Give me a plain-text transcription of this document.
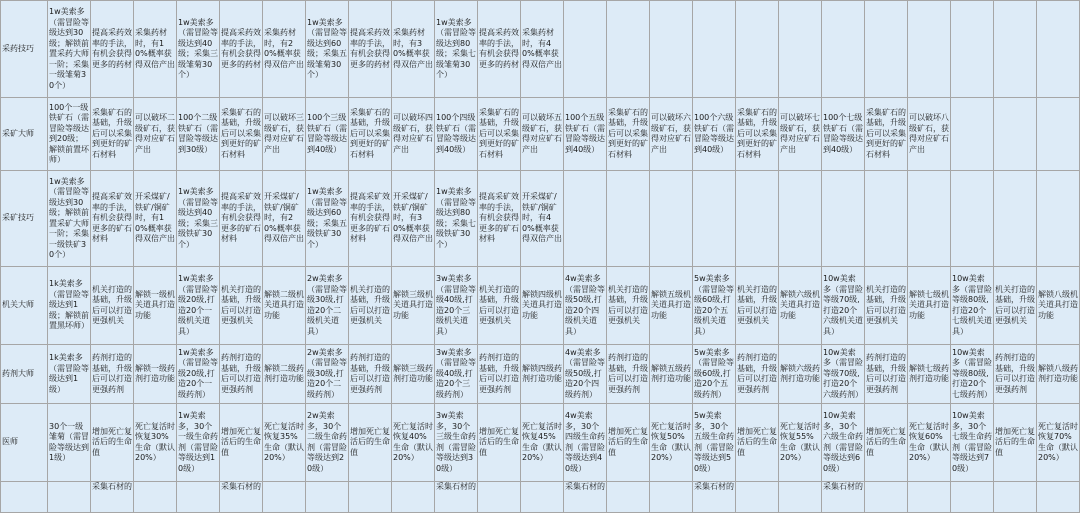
采药技巧	1w美索多（需冒险等级达到30级；解锁前置采药大师一阶；采集一级雏菊30个）	提高采药效率的手法，有机会获得更多的药材	采集药材时，有10%概率获得双倍产出	1w美索多（需冒险等级达到40级；采集三级雏菊30个）	提高采药效率的手法，有机会获得更多的药材	采集药材时，有20%概率获得双倍产出	1w美索多（需冒险等级达到60级；采集五级雏菊30个）	提高采药效率的手法，有机会获得更多的药材	采集药材时，有30%概率获得双倍产出	1w美索多（需冒险等级达到80级；采集七级雏菊30个）	提高采药效率的手法，有机会获得更多的药材	采集药材时，有40%概率获得双倍产出													
采矿大师	100个一级铁矿石（需冒险等级达到20级；解锁前置坏师）	采集矿石的基础，升级后可以采集到更好的矿石材料	可以破坏二级矿石，获得对应矿石产出	100个二级铁矿石（需冒险等级达到30级）	采集矿石的基础，升级后可以采集到更好的矿石材料	可以破坏三级矿石，获得对应矿石产出	100个三级铁矿石（需冒险等级达到40级）	采集矿石的基础，升级后可以采集到更好的矿石材料	可以破坏四级矿石，获得对应矿石产出	100个四级铁矿石（需冒险等级达到40级）	采集矿石的基础，升级后可以采集到更好的矿石材料	可以破坏五级矿石，获得对应矿石产出	100个五级铁矿石（需冒险等级达到40级）	采集矿石的基础，升级后可以采集到更好的矿石材料	可以破坏六级矿石，获得对应矿石产出	100个六级铁矿石（需冒险等级达到40级）	采集矿石的基础，升级后可以采集到更好的矿石材料	可以破坏七级矿石，获得对应矿石产出	100个七级铁矿石（需冒险等级达到40级）	采集矿石的基础，升级后可以采集到更好的矿石材料	可以破坏八级矿石，获得对应矿石产出				
采矿技巧	1w美索多（需冒险等级达到30级；解锁前置采矿大师一阶；采集一级铁矿30个）	提高采矿效率的手法，有机会获得更多的矿石材料	开采煤矿/铁矿/铜矿时，有10%概率获得双倍产出	1w美索多（需冒险等级达到40级；采集三级铁矿30个）	提高采矿效率的手法，有机会获得更多的矿石材料	开采煤矿/铁矿/铜矿时，有20%概率获得双倍产出	1w美索多（需冒险等级达到60级；采集五级铁矿30个）	提高采矿效率的手法，有机会获得更多的矿石材料	开采煤矿/铁矿/铜矿时，有30%概率获得双倍产出	1w美索多（需冒险等级达到80级；采集七级铁矿30个）	提高采矿效率的手法，有机会获得更多的矿石材料	开采煤矿/铁矿/铜矿时，有40%概率获得双倍产出													
机关大师	1k美索多（需冒险等级达到1级；解锁前置黑坏师）	机关打造的基础，升级后可以打造更强机关	解锁一级机关道具打造功能	1w美索多（需冒险等级20级,打造20个一级机关道具）	机关打造的基础，升级后可以打造更强机关	解锁二级机关道具打造功能	2w美索多（需冒险等级30级,打造20个二级机关道具）	机关打造的基础，升级后可以打造更强机关	解锁三级机关道具打造功能	3w美索多（需冒险等级40级,打造20个三级机关道具）	机关打造的基础，升级后可以打造更强机关	解锁四级机关道具打造功能	4w美索多（需冒险等级50级,打造20个四级机关道具）	机关打造的基础，升级后可以打造更强机关	解锁五级机关道具打造功能	5w美索多（需冒险等级60级,打造20个五级机关道具）	机关打造的基础，升级后可以打造更强机关	解锁六级机关道具打造功能	10w美索多（需冒险等级70级,打造20个六级机关道具）	机关打造的基础，升级后可以打造更强机关	解锁七级机关道具打造功能	10w美索多（需冒险等级80级,打造20个七级机关道具）	机关打造的基础，升级后可以打造更强机关	解锁八级机关道具打造功能	
药剂大师	1k美索多（需冒险等级达到1级）	药剂打造的基础，升级后可以打造更强药剂	解锁一级药剂打造功能	1w美索多（需冒险等级20级,打造20个一级药剂）	药剂打造的基础，升级后可以打造更强药剂	解锁二级药剂打造功能	2w美索多（需冒险等级30级,打造20个二级药剂）	药剂打造的基础，升级后可以打造更强药剂	解锁三级药剂打造功能	3w美索多（需冒险等级40级,打造20个三级药剂）	药剂打造的基础，升级后可以打造更强药剂	解锁四级药剂打造功能	4w美索多（需冒险等级50级,打造20个四级药剂）	药剂打造的基础，升级后可以打造更强药剂	解锁五级药剂打造功能	5w美索多（需冒险等级60级,打造20个五级药剂）	药剂打造的基础，升级后可以打造更强药剂	解锁六级药剂打造功能	10w美索多（需冒险等级70级,打造20个六级药剂）	药剂打造的基础，升级后可以打造更强药剂	解锁七级药剂打造功能	10w美索多（需冒险等级80级,打造20个七级药剂）	药剂打造的基础，升级后可以打造更强药剂	解锁八级药剂打造功能	
医师	30个一级雏菊（需冒险等级达到1级）	增加死亡复活后的生命值	死亡复活时恢复30%生命（默认20%）	1w美索多，30个一级生命药剂（需冒险等级达到10级）	增加死亡复活后的生命值	死亡复活时恢复35%生命（默认20%）	2w美索多，30个二级生命药剂（需冒险等级达到20级）	增加死亡复活后的生命值	死亡复活时恢复40%生命（默认20%）	3w美索多，30个三级生命药剂（需冒险等级达到30级）	增加死亡复活后的生命值	死亡复活时恢复45%生命（默认20%）	4w美索多，30个四级生命药剂（需冒险等级达到40级）	增加死亡复活后的生命值	死亡复活时恢复50%生命（默认20%）	5w美索多，30个五级生命药剂（需冒险等级达到50级）	增加死亡复活后的生命值	死亡复活时恢复55%生命（默认20%）	10w美索多，30个六级生命药剂（需冒险等级达到60级）	增加死亡复活后的生命值	死亡复活时恢复60%生命（默认20%）	10w美索多，30个七级生命药剂（需冒险等级达到70级）	增加死亡复活后的生命值	死亡复活时恢复70%生命（默认20%）	
		采集石材的			采集石材的					采集石材的			采集石材的			采集石材的			采集石材的						
